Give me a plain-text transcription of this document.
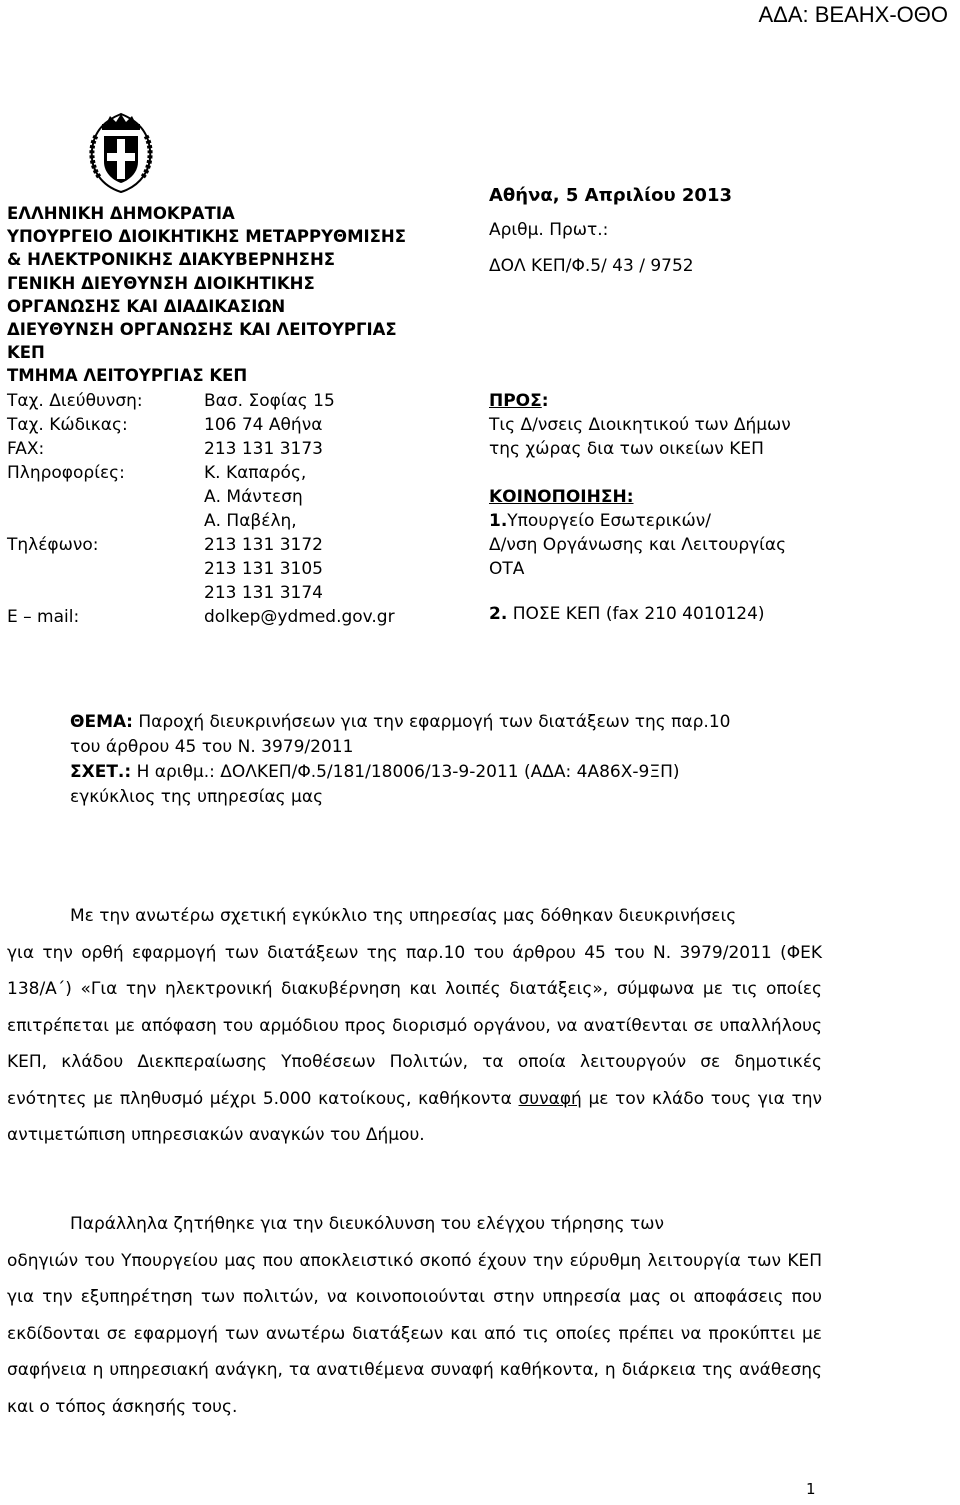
ΑΔΑ: ΒΕΑΗΧ-ΟΘΟ
ΕΛΛΗΝΙΚΗ ΔΗΜΟΚΡΑΤΙΑ
ΥΠΟΥΡΓΕΙΟ ΔΙΟΙΚΗΤΙΚΗΣ ΜΕΤΑΡΡΥΘΜΙΣΗΣ
& ΗΛΕΚΤΡΟΝΙΚΗΣ ΔΙΑΚΥΒΕΡΝΗΣΗΣ
ΓΕΝΙΚΗ ΔΙΕΥΘΥΝΣΗ ΔΙΟΙΚΗΤΙΚΗΣ
ΟΡΓΑΝΩΣΗΣ ΚΑΙ ΔΙΑΔΙΚΑΣΙΩΝ
ΔΙΕΥΘΥΝΣΗ ΟΡΓΑΝΩΣΗΣ ΚΑΙ ΛΕΙΤΟΥΡΓΙΑΣ
ΚΕΠ
ΤΜΗΜΑ ΛΕΙΤΟΥΡΓΙΑΣ ΚΕΠ
Ταχ. Διεύθυνση:	Βασ. Σοφίας 15
Ταχ. Κώδικας:	106 74 Αθήνα
FAX:	213 131 3173
Πληροφορίες:	Κ. Καπαρός,
Α. Μάντεση
Α. Παβέλη,
Τηλέφωνο:	213 131 3172
213 131 3105
213 131 3174
E – mail:	dolkep@ydmed.gov.gr
Αθήνα, 5 Απριλίου 2013
Αριθμ. Πρωτ.:
ΔΟΛ ΚΕΠ/Φ.5/ 43 / 9752
ΠΡΟΣ:
Τις Δ/νσεις Διοικητικού των Δήμων
της χώρας δια των οικείων ΚΕΠ
ΚΟΙΝΟΠΟΙΗΣΗ:
1.Υπουργείο Εσωτερικών/
Δ/νση Οργάνωσης και Λειτουργίας
ΟΤΑ
2. ΠΟΣΕ ΚΕΠ (fax 210 4010124)
ΘΕΜΑ: Παροχή διευκρινήσεων για την εφαρμογή των διατάξεων της παρ.10
του άρθρου 45 του Ν. 3979/2011
ΣΧΕΤ.: Η αριθμ.: ΔΟΛΚΕΠ/Φ.5/181/18006/13-9-2011 (ΑΔΑ: 4Α86Χ-9ΞΠ)
εγκύκλιος της υπηρεσίας μας
Με την ανωτέρω σχετική εγκύκλιο της υπηρεσίας μας δόθηκαν διευκρινήσεις
για την ορθή εφαρμογή των διατάξεων της παρ.10 του άρθρου 45 του Ν. 3979/2011 (ΦΕΚ 138/Α΄) «Για την ηλεκτρονική διακυβέρνηση και λοιπές διατάξεις», σύμφωνα με τις οποίες επιτρέπεται με απόφαση του αρμόδιου προς διορισμό οργάνου, να ανατίθενται σε υπαλλήλους ΚΕΠ, κλάδου Διεκπεραίωσης Υποθέσεων Πολιτών, τα οποία λειτουργούν σε δημοτικές ενότητες με πληθυσμό μέχρι 5.000 κατοίκους, καθήκοντα συναφή με τον κλάδο τους για την αντιμετώπιση υπηρεσιακών αναγκών του Δήμου.
Παράλληλα ζητήθηκε για την διευκόλυνση του ελέγχου τήρησης των
οδηγιών του Υπουργείου μας που αποκλειστικό σκοπό έχουν την εύρυθμη λειτουργία των ΚΕΠ για την εξυπηρέτηση των πολιτών, να κοινοποιούνται στην υπηρεσία μας οι αποφάσεις που εκδίδονται σε εφαρμογή των ανωτέρω διατάξεων και από τις οποίες πρέπει να προκύπτει με σαφήνεια η υπηρεσιακή ανάγκη, τα ανατιθέμενα συναφή καθήκοντα, η διάρκεια της ανάθεσης και ο τόπος άσκησής τους.
1
